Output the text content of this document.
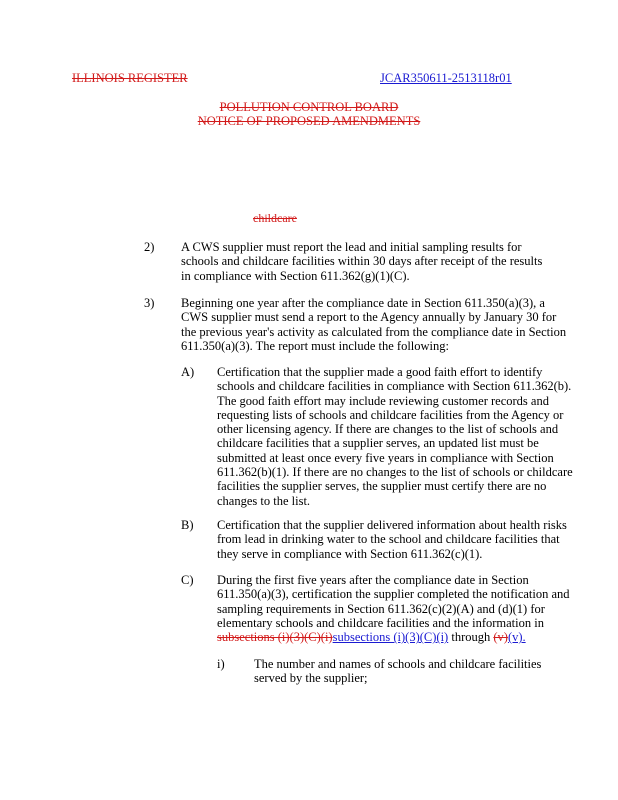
ILLINOIS REGISTER	JCAR350611-2513118r01
POLLUTION CONTROL BOARD
NOTICE OF PROPOSED AMENDMENTS
childcare
2) A CWS supplier must report the lead and initial sampling results for schools and childcare facilities within 30 days after receipt of the results in compliance with Section 611.362(g)(1)(C).

3) Beginning one year after the compliance date in Section 611.350(a)(3), a CWS supplier must send a report to the Agency annually by January 30 for the previous year's activity as calculated from the compliance date in Section 611.350(a)(3). The report must include the following:

A) Certification that the supplier made a good faith effort to identify schools and childcare facilities in compliance with Section 611.362(b). The good faith effort may include reviewing customer records and requesting lists of schools and childcare facilities from the Agency or other licensing agency. If there are changes to the list of schools and childcare facilities that a supplier serves, an updated list must be submitted at least once every five years in compliance with Section 611.362(b)(1). If there are no changes to the list of schools or childcare facilities the supplier serves, the supplier must certify there are no changes to the list.

B) Certification that the supplier delivered information about health risks from lead in drinking water to the school and childcare facilities that they serve in compliance with Section 611.362(c)(1).

C) During the first five years after the compliance date in Section 611.350(a)(3), certification the supplier completed the notification and sampling requirements in Section 611.362(c)(2)(A) and (d)(1) for elementary schools and childcare facilities and the information in subsections (i)(3)(C)(i)subsections (i)(3)(C)(i) through (v)(v).

i) The number and names of schools and childcare facilities served by the supplier;
